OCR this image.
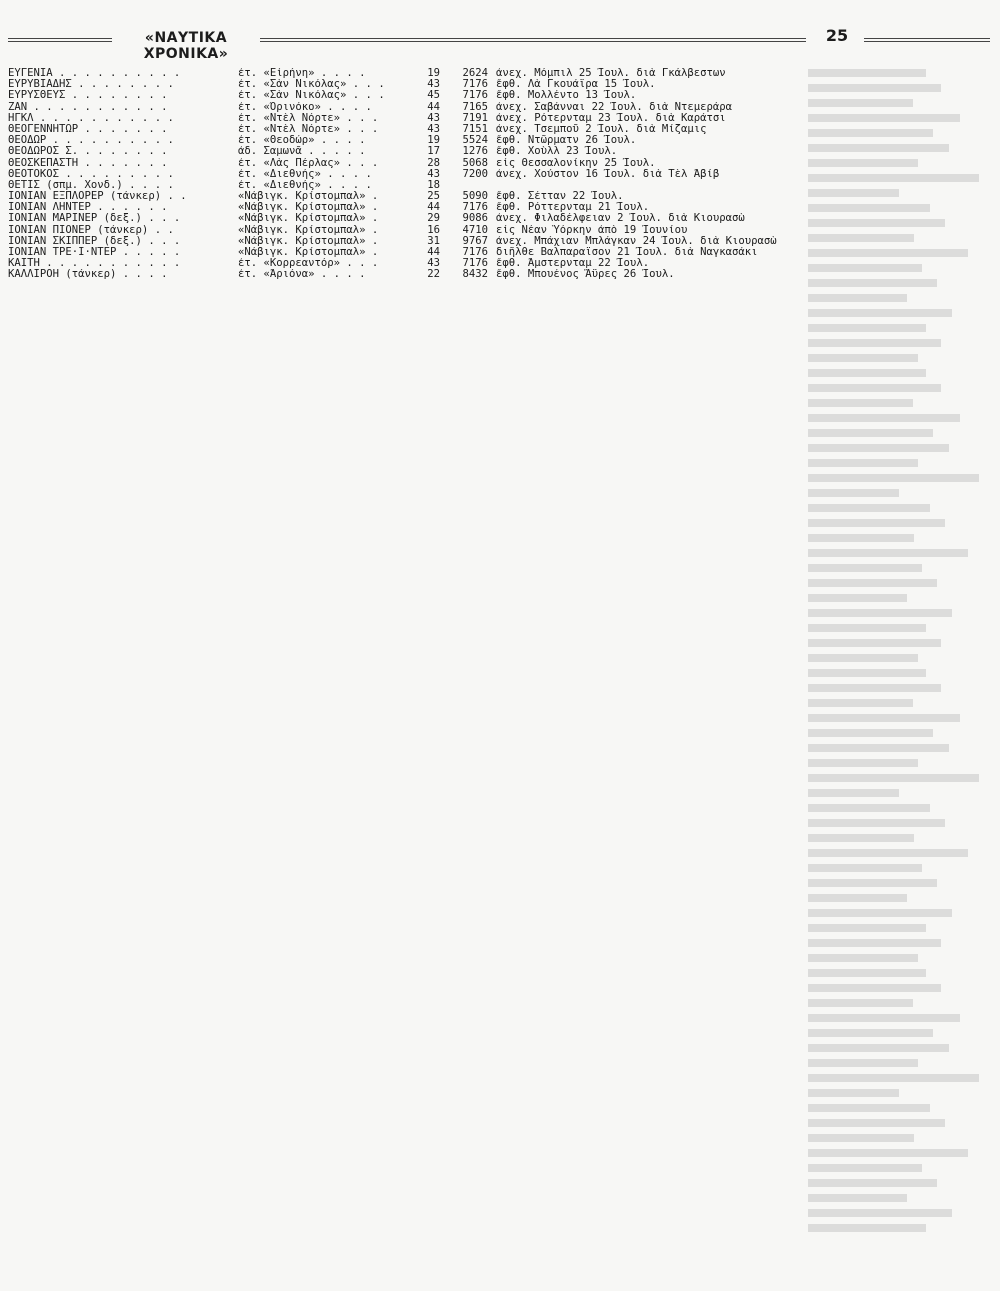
«ΝΑΥΤΙΚΑ ΧΡΟΝΙΚΑ»
25
ΕΥΓΕΝΙΑ . . . . . . . . . .	ἐτ. «Εἰρήνη» . . . .	19	2624 ἀνεχ. Μόμπιλ 25 Ἰουλ. διὰ Γκάλβεστων
ΕΥΡΥΒΙΑΔΗΣ . . . . . . . .	ἐτ. «Σὰν Νικόλας» . . .	43	7176 ἔφθ. Λὰ Γκουάϊρα 15 Ἰουλ.
ΕΥΡΥΣΘΕΥΣ . . . . . . . .	ἐτ. «Σὰν Νικόλας» . . .	45	7176 ἔφθ. Μολλέντο 13 Ἰουλ.
ΖΑΝ . . . . . . . . . . .	ἐτ. «Ὀρινόκο» . . . .	44	7165 ἀνεχ. Σαβάνναι 22 Ἰουλ. διὰ Ντεμεράρα
ΗΓΚΛ . . . . . . . . . . .	ἐτ. «Ντὲλ Νόρτε» . . .	43	7191 ἀνεχ. Ρότερνταμ 23 Ἰουλ. διὰ Καράτσι
ΘΕΟΓΕΝΝΗΤΩΡ . . . . . . .	ἐτ. «Ντὲλ Νόρτε» . . .	43	7151 ἀνεχ. Τσεμποῦ 2 Ἰουλ. διὰ Μίζαμις
ΘΕΟΔΩΡ . . . . . . . . . .	ἐτ. «Θεοδώρ» . . . .	19	5524 ἔφθ. Ντῶρματν 26 Ἰουλ.
ΘΕΟΔΩΡΟΣ Σ. . . . . . . .	ἀδ. Σαμωνᾶ . . . . .	17	1276 ἔφθ. Χοὺλλ 23 Ἰουλ.
ΘΕΟΣΚΕΠΑΣΤΗ . . . . . . .	ἐτ. «Λὰς Πέρλας» . . .	28	5068 εἰς Θεσσαλονίκην 25 Ἰουλ.
ΘΕΟΤΟΚΟΣ . . . . . . . . .	ἐτ. «Διεθνής» . . . .	43	7200 ἀνεχ. Χούστον 16 Ἰουλ. διὰ Τὲλ Ἀβίβ
ΘΕΤΙΣ (σπμ. Χονδ.) . . . .	ἐτ. «Διεθνής» . . . .	18
ΙΟΝΙΑΝ ΕΞΠΛΟΡΕΡ (τάνκερ) . .	«Νάβιγκ. Κρίστομπαλ» .	25	5090 ἔφθ. Σέτταν 22 Ἰουλ.
ΙΟΝΙΑΝ ΛΗΝΤΕΡ . . . . . .	«Νάβιγκ. Κρίστομπαλ» .	44	7176 ἔφθ. Ρόττερνταμ 21 Ἰουλ.
ΙΟΝΙΑΝ ΜΑΡΙΝΕΡ (δεξ.) . . .	«Νάβιγκ. Κρίστομπαλ» .	29	9086 ἀνεχ. Φιλαδέλφειαν 2 Ἰουλ. διὰ Κιουρασὼ
ΙΟΝΙΑΝ ΠΙΟΝΕΡ (τάνκερ) . .	«Νάβιγκ. Κρίστομπαλ» .	16	4710 εἰς Νέαν Ὑόρκην ἀπὸ 19 Ἰουνίου
ΙΟΝΙΑΝ ΣΚΙΠΠΕΡ (δεξ.) . . .	«Νάβιγκ. Κρίστομπαλ» .	31	9767 ἀνεχ. Μπάχιαν Μπλάγκαν 24 Ἰουλ. διὰ Κιουρασὼ
ΙΟΝΙΑΝ ΤΡΕ·Ι·ΝΤΕΡ . . . . .	«Νάβιγκ. Κρίστομπαλ» .	44	7176 διῆλθε Βαλπαραΐσον 21 Ἰουλ. διὰ Ναγκασάκι
ΚΑΙΤΗ . . . . . . . . . . .	ἐτ. «Κορρεαντόρ» . . .	43	7176 ἔφθ. Ἀμστερνταμ 22 Ἰουλ.
ΚΑΛΛΙΡΟΗ (τάνκερ) . . . .	ἐτ. «Ἀριόνα» . . . .	22	8432 ἔφθ. Μπουένος Ἄϋρες 26 Ἰουλ.
